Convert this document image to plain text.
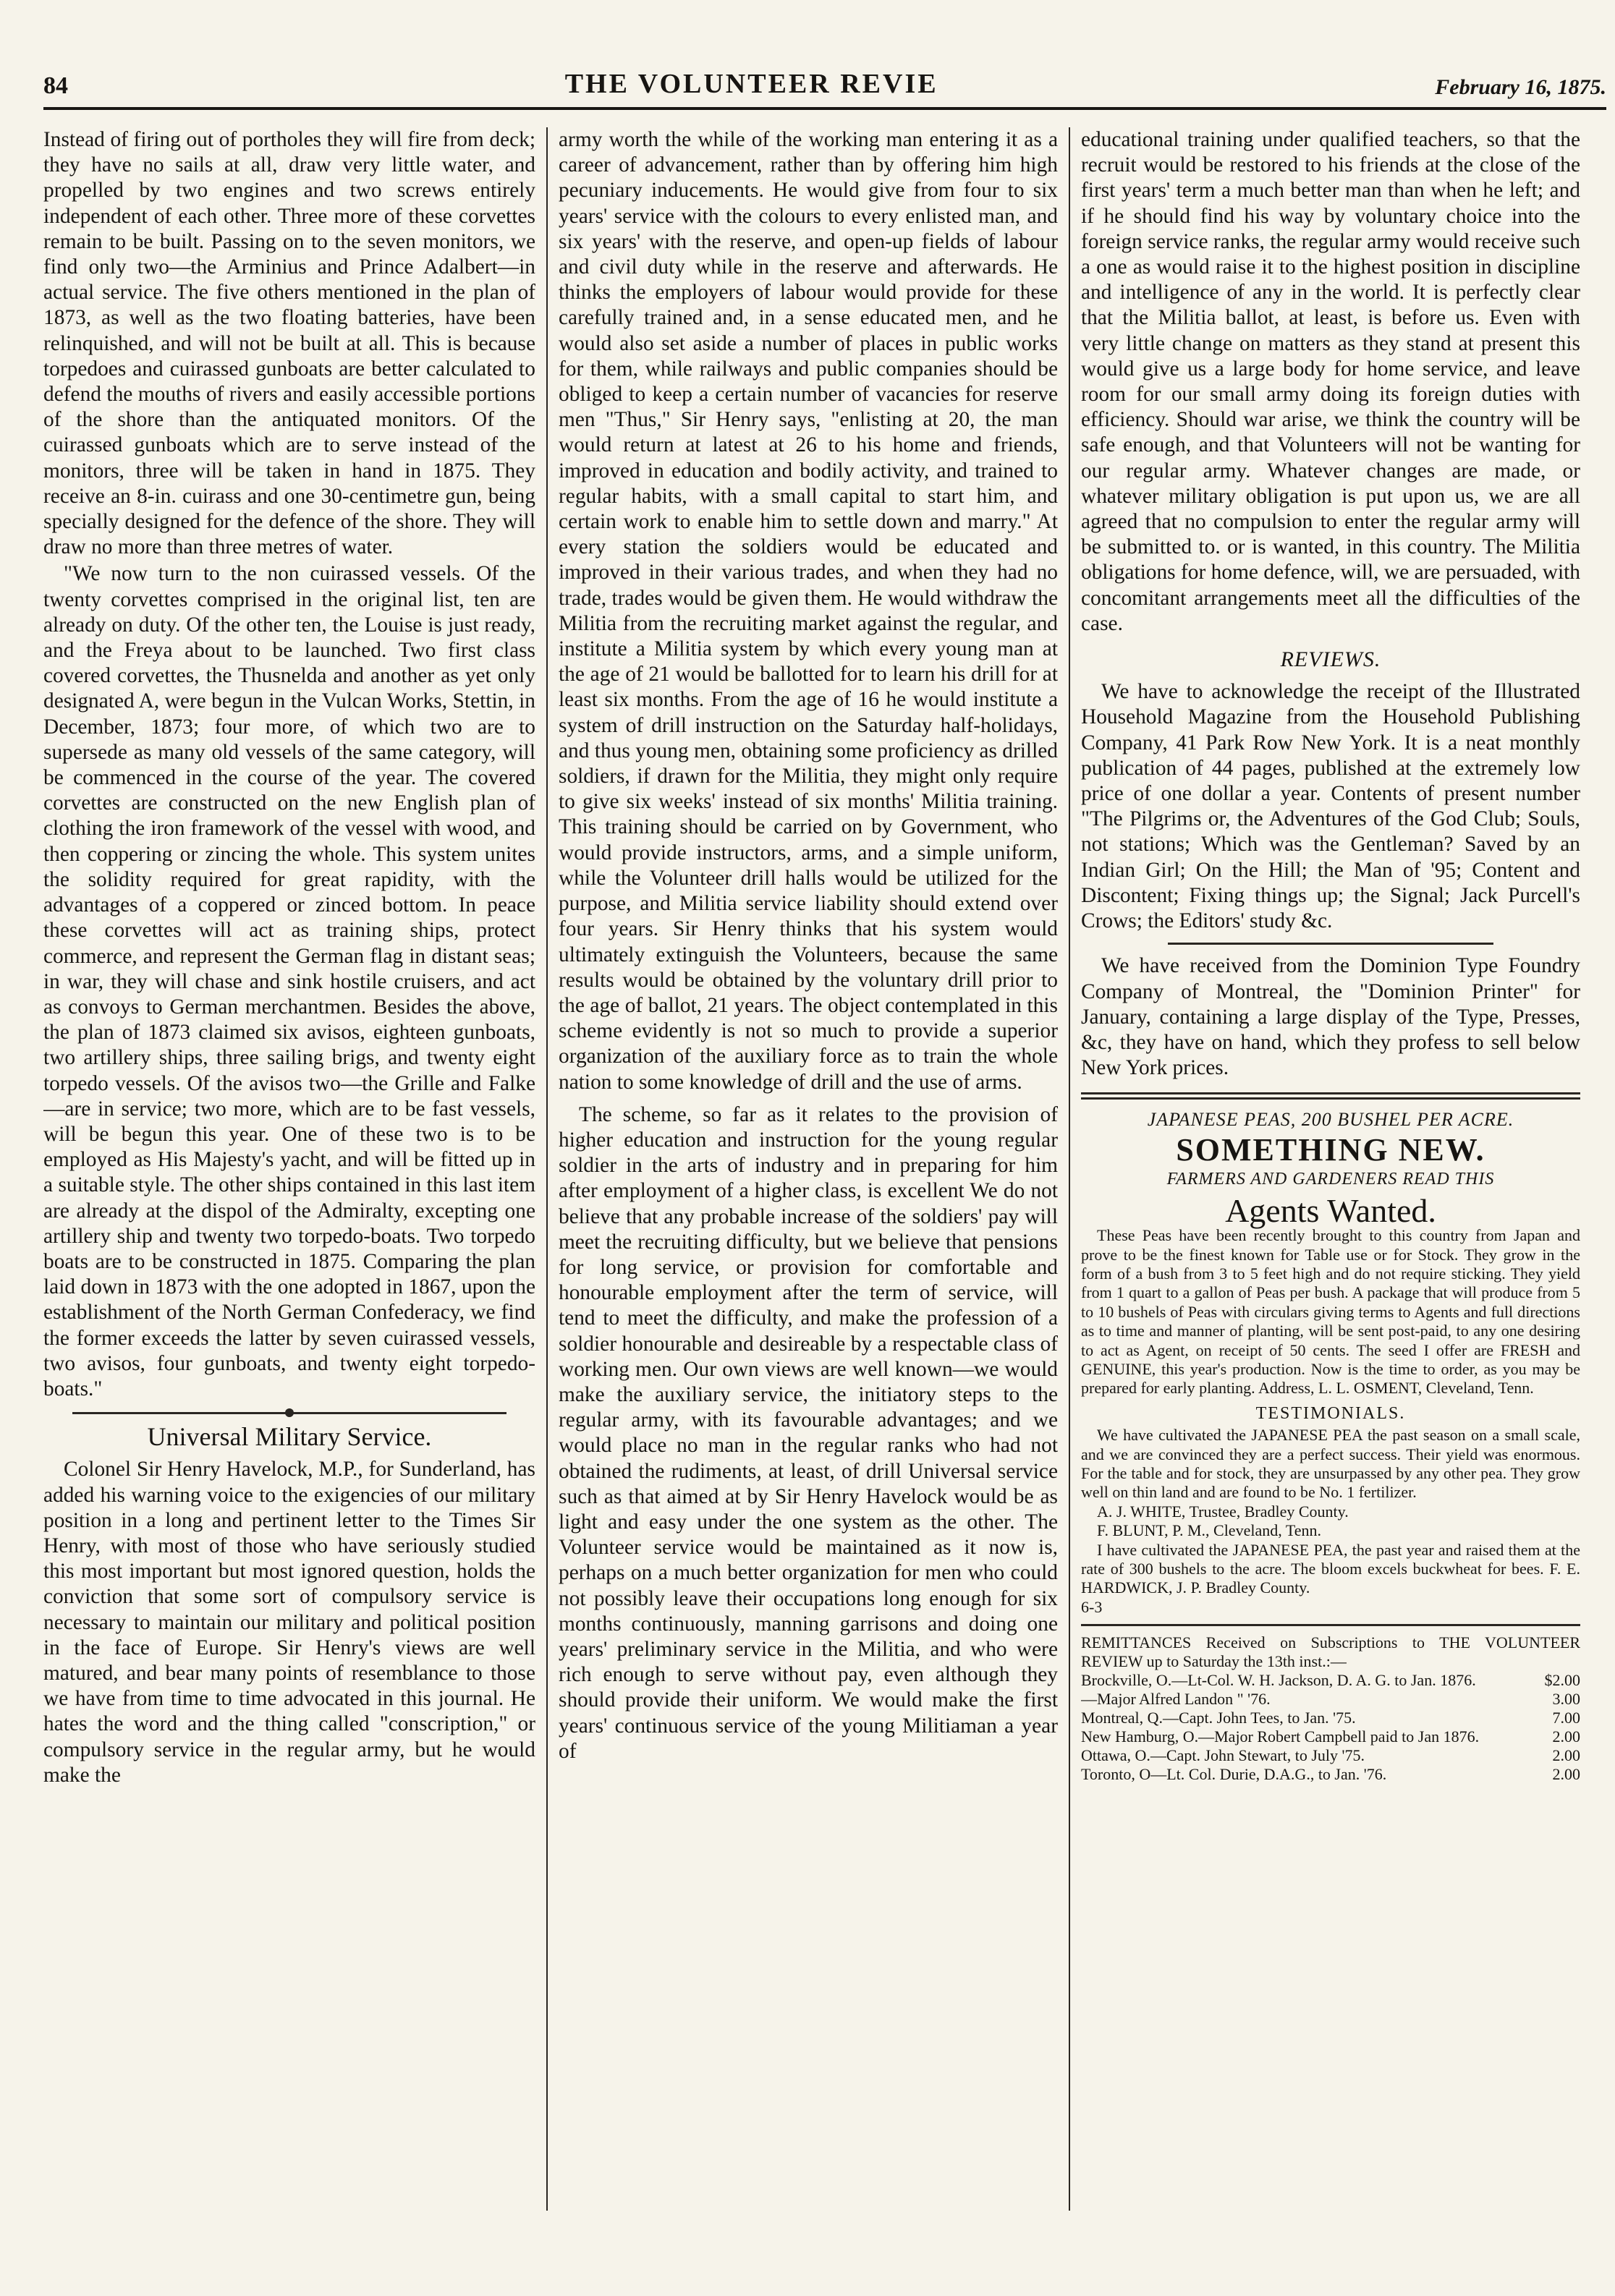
84	THE VOLUNTEER REVIE	February 16, 1875.

Instead of firing out of portholes they will fire from deck; they have no sails at all, draw very little water, and propelled by two engines and two screws entirely independent of each other. Three more of these corvettes remain to be built. Passing on to the seven monitors, we find only two—the Arminius and Prince Adalbert—in actual service. The five others mentioned in the plan of 1873, as well as the two floating batteries, have been relinquished, and will not be built at all. This is because torpedoes and cuirassed gunboats are better calculated to defend the mouths of rivers and easily accessible portions of the shore than the antiquated monitors. Of the cuirassed gunboats which are to serve instead of the monitors, three will be taken in hand in 1875. They receive an 8-in. cuirass and one 30-centimetre gun, being specially designed for the defence of the shore. They will draw no more than three metres of water.

"We now turn to the non cuirassed vessels. Of the twenty corvettes comprised in the original list, ten are already on duty. Of the other ten, the Louise is just ready, and the Freya about to be launched. Two first class covered corvettes, the Thusnelda and another as yet only designated A, were begun in the Vulcan Works, Stettin, in December, 1873; four more, of which two are to supersede as many old vessels of the same category, will be commenced in the course of the year. The covered corvettes are constructed on the new English plan of clothing the iron framework of the vessel with wood, and then coppering or zincing the whole. This system unites the solidity required for great rapidity, with the advantages of a coppered or zinced bottom. In peace these corvettes will act as training ships, protect commerce, and represent the German flag in distant seas; in war, they will chase and sink hostile cruisers, and act as convoys to German merchantmen. Besides the above, the plan of 1873 claimed six avisos, eighteen gunboats, two artillery ships, three sailing brigs, and twenty eight torpedo vessels. Of the avisos two—the Grille and Falke—are in service; two more, which are to be fast vessels, will be begun this year. One of these two is to be employed as His Majesty's yacht, and will be fitted up in a suitable style. The other ships contained in this last item are already at the dispol of the Admiralty, excepting one artillery ship and twenty two torpedo-boats. Two torpedo boats are to be constructed in 1875. Comparing the plan laid down in 1873 with the one adopted in 1867, upon the establishment of the North German Confederacy, we find the former exceeds the latter by seven cuirassed vessels, two avisos, four gunboats, and twenty eight torpedo-boats."

Universal Military Service.

Colonel Sir Henry Havelock, M.P., for Sunderland, has added his warning voice to the exigencies of our military position in a long and pertinent letter to the Times Sir Henry, with most of those who have seriously studied this most important but most ignored question, holds the conviction that some sort of compulsory service is necessary to maintain our military and political position in the face of Europe. Sir Henry's views are well matured, and bear many points of resemblance to those we have from time to time advocated in this journal. He hates the word and the thing called "conscription," or compulsory service in the regular army, but he would make the

army worth the while of the working man entering it as a career of advancement, rather than by offering him high pecuniary inducements. He would give from four to six years' service with the colours to every enlisted man, and six years' with the reserve, and open-up fields of labour and civil duty while in the reserve and afterwards. He thinks the employers of labour would provide for these carefully trained and, in a sense educated men, and he would also set aside a number of places in public works for them, while railways and public companies should be obliged to keep a certain number of vacancies for reserve men "Thus," Sir Henry says, "enlisting at 20, the man would return at latest at 26 to his home and friends, improved in education and bodily activity, and trained to regular habits, with a small capital to start him, and certain work to enable him to settle down and marry." At every station the soldiers would be educated and improved in their various trades, and when they had no trade, trades would be given them. He would withdraw the Militia from the recruiting market against the regular, and institute a Militia system by which every young man at the age of 21 would be ballotted for to learn his drill for at least six months. From the age of 16 he would institute a system of drill instruction on the Saturday half-holidays, and thus young men, obtaining some proficiency as drilled soldiers, if drawn for the Militia, they might only require to give six weeks' instead of six months' Militia training. This training should be carried on by Government, who would provide instructors, arms, and a simple uniform, while the Volunteer drill halls would be utilized for the purpose, and Militia service liability should extend over four years. Sir Henry thinks that his system would ultimately extinguish the Volunteers, because the same results would be obtained by the voluntary drill prior to the age of ballot, 21 years. The object contemplated in this scheme evidently is not so much to provide a superior organization of the auxiliary force as to train the whole nation to some knowledge of drill and the use of arms.

The scheme, so far as it relates to the provision of higher education and instruction for the young regular soldier in the arts of industry and in preparing for him after employment of a higher class, is excellent We do not believe that any probable increase of the soldiers' pay will meet the recruiting difficulty, but we believe that pensions for long service, or provision for comfortable and honourable employment after the term of service, will tend to meet the difficulty, and make the profession of a soldier honourable and desireable by a respectable class of working men. Our own views are well known—we would make the auxiliary service, the initiatory steps to the regular army, with its favourable advantages; and we would place no man in the regular ranks who had not obtained the rudiments, at least, of drill Universal service such as that aimed at by Sir Henry Havelock would be as light and easy under the one system as the other. The Volunteer service would be maintained as it now is, perhaps on a much better organization for men who could not possibly leave their occupations long enough for six months continuously, manning garrisons and doing one years' preliminary service in the Militia, and who were rich enough to serve without pay, even although they should provide their uniform. We would make the first years' continuous service of the young Militiaman a year of

educational training under qualified teachers, so that the recruit would be restored to his friends at the close of the first years' term a much better man than when he left; and if he should find his way by voluntary choice into the foreign service ranks, the regular army would receive such a one as would raise it to the highest position in discipline and intelligence of any in the world. It is perfectly clear that the Militia ballot, at least, is before us. Even with very little change on matters as they stand at present this would give us a large body for home service, and leave room for our small army doing its foreign duties with efficiency. Should war arise, we think the country will be safe enough, and that Volunteers will not be wanting for our regular army. Whatever changes are made, or whatever military obligation is put upon us, we are all agreed that no compulsion to enter the regular army will be submitted to. or is wanted, in this country. The Militia obligations for home defence, will, we are persuaded, with concomitant arrangements meet all the difficulties of the case.

REVIEWS.

We have to acknowledge the receipt of the Illustrated Household Magazine from the Household Publishing Company, 41 Park Row New York. It is a neat monthly publication of 44 pages, published at the extremely low price of one dollar a year. Contents of present number "The Pilgrims or, the Adventures of the God Club; Souls, not stations; Which was the Gentleman? Saved by an Indian Girl; On the Hill; the Man of '95; Content and Discontent; Fixing things up; the Signal; Jack Purcell's Crows; the Editors' study &c.

We have received from the Dominion Type Foundry Company of Montreal, the "Dominion Printer" for January, containing a large display of the Type, Presses, &c, they have on hand, which they profess to sell below New York prices.

JAPANESE PEAS, 200 BUSHEL PER ACRE.
SOMETHING NEW.
FARMERS AND GARDENERS READ THIS
Agents Wanted.

These Peas have been recently brought to this country from Japan and prove to be the finest known for Table use or for Stock. They grow in the form of a bush from 3 to 5 feet high and do not require sticking. They yield from 1 quart to a gallon of Peas per bush. A package that will produce from 5 to 10 bushels of Peas with circulars giving terms to Agents and full directions as to time and manner of planting, will be sent post-paid, to any one desiring to act as Agent, on receipt of 50 cents. The seed I offer are FRESH and GENUINE, this year's production. Now is the time to order, as you may be prepared for early planting. Address, L. L. OSMENT, Cleveland, Tenn.

TESTIMONIALS.

We have cultivated the JAPANESE PEA the past season on a small scale, and we are convinced they are a perfect success. Their yield was enormous. For the table and for stock, they are unsurpassed by any other pea. They grow well on thin land and are found to be No. 1 fertilizer.

A. J. WHITE, Trustee, Bradley County.

F. BLUNT, P. M., Cleveland, Tenn.

I have cultivated the JAPANESE PEA, the past year and raised them at the rate of 300 bushels to the acre. The bloom excels buckwheat for bees. F. E. HARDWICK, J. P. Bradley County.

6-3

REMITTANCES Received on Subscriptions to THE VOLUNTEER REVIEW up to Saturday the 13th inst.:—
Brockville, O.—Lt-Col. W. H. Jackson, D. A. G. to Jan. 1876.	$2.00
—Major Alfred Landon " '76.	3.00
Montreal, Q.—Capt. John Tees, to Jan. '75.	7.00
New Hamburg, O.—Major Robert Campbell paid to Jan 1876.	2.00
Ottawa, O.—Capt. John Stewart, to July '75.	2.00
Toronto, O—Lt. Col. Durie, D.A.G., to Jan. '76.	2.00
